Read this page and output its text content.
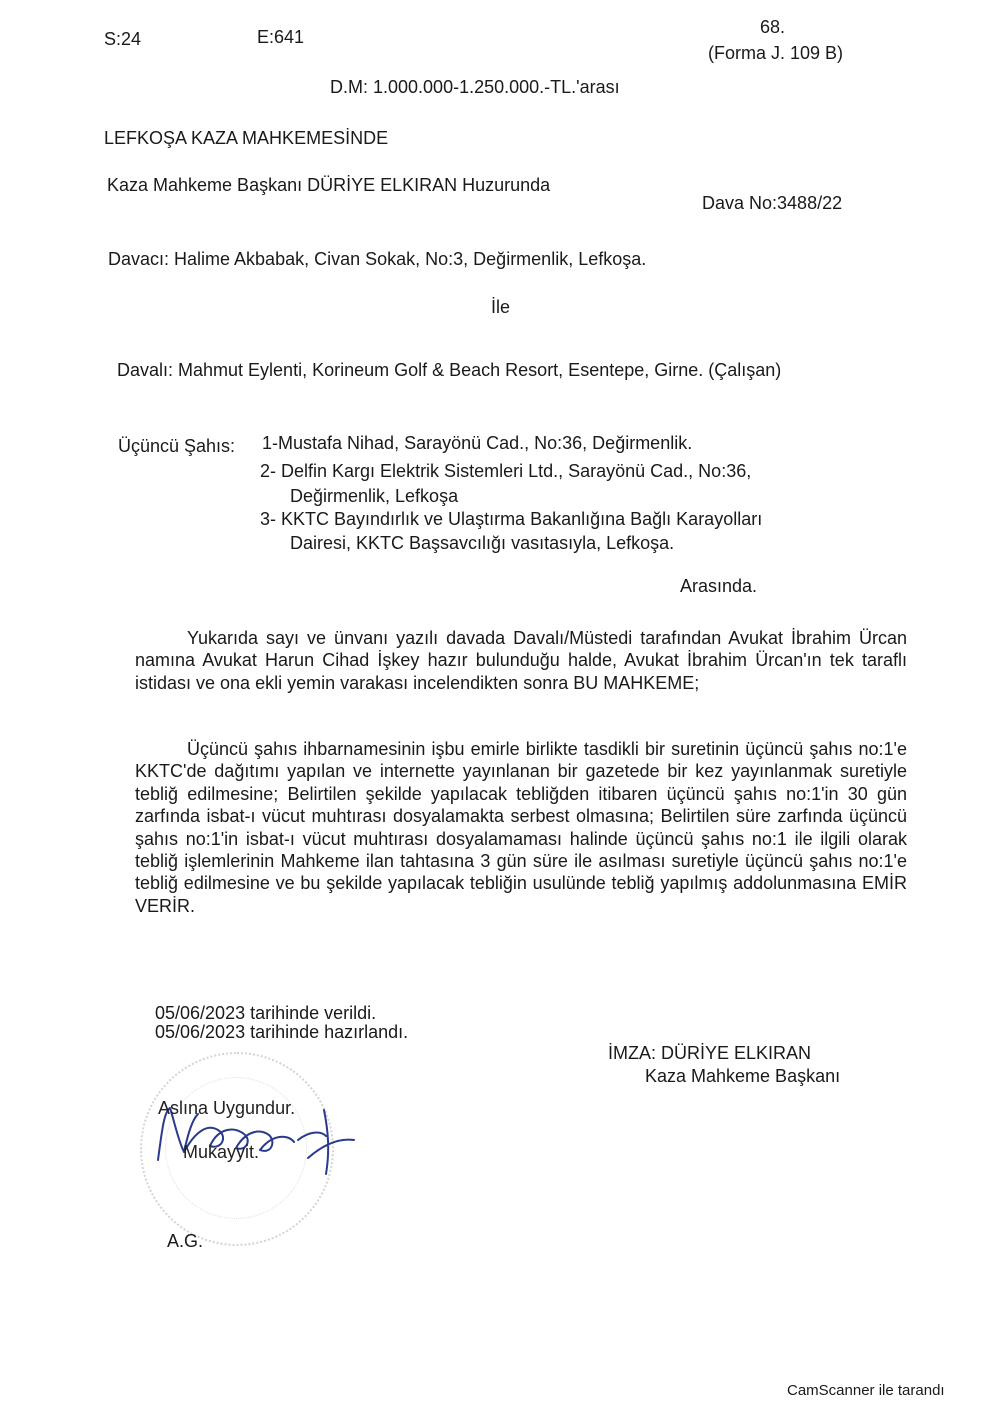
S:24	E:641	68.
(Forma J. 109 B)
D.M: 1.000.000-1.250.000.-TL.'arası
LEFKOŞA KAZA MAHKEMESİNDE
Kaza Mahkeme Başkanı DÜRİYE ELKIRAN Huzurunda
Dava No:3488/22
Davacı: Halime Akbabak, Civan Sokak, No:3, Değirmenlik, Lefkoşa.
İle
Davalı: Mahmut Eylenti, Korineum Golf & Beach Resort, Esentepe, Girne. (Çalışan)
Üçüncü Şahıs: 1-Mustafa Nihad, Sarayönü Cad., No:36, Değirmenlik.
2- Delfin Kargı Elektrik Sistemleri Ltd., Sarayönü Cad., No:36,
Değirmenlik, Lefkoşa
3- KKTC Bayındırlık ve Ulaştırma Bakanlığına Bağlı Karayolları
Dairesi, KKTC Başsavcılığı vasıtasıyla, Lefkoşa.
Arasında.
Yukarıda sayı ve ünvanı yazılı davada Davalı/Müstedi tarafından Avukat İbrahim Ürcan namına Avukat Harun Cihad İşkey hazır bulunduğu halde, Avukat İbrahim Ürcan'ın tek taraflı istidası ve ona ekli yemin varakası incelendikten sonra BU MAHKEME;
Üçüncü şahıs ihbarnamesinin işbu emirle birlikte tasdikli bir suretinin üçüncü şahıs no:1'e KKTC'de dağıtımı yapılan ve internette yayınlanan bir gazetede bir kez yayınlanmak suretiyle tebliğ edilmesine; Belirtilen şekilde yapılacak tebliğden itibaren üçüncü şahıs no:1'in 30 gün zarfında isbat-ı vücut muhtırası dosyalamakta serbest olmasına; Belirtilen süre zarfında üçüncü şahıs no:1'in isbat-ı vücut muhtırası dosyalamaması halinde üçüncü şahıs no:1 ile ilgili olarak tebliğ işlemlerinin Mahkeme ilan tahtasına 3 gün süre ile asılması suretiyle üçüncü şahıs no:1'e tebliğ edilmesine ve bu şekilde yapılacak tebliğin usulünde tebliğ yapılmış addolunmasına EMİR VERİR.
05/06/2023 tarihinde verildi.
05/06/2023 tarihinde hazırlandı.
İMZA: DÜRİYE ELKIRAN
Kaza Mahkeme Başkanı
Aslına Uygundur.
Mukayyit.
A.G.
CamScanner ile tarandı
